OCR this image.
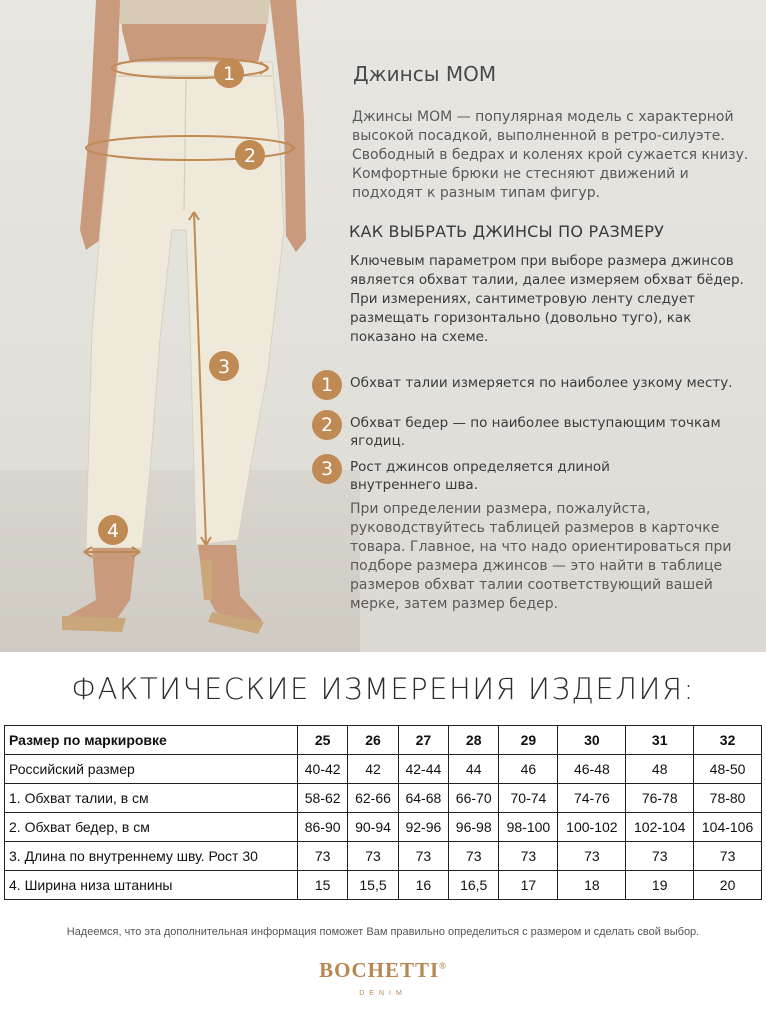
1
2
3
4
Джинсы MOM
Джинсы MOM — популярная модель с характерной высокой посадкой, выполненной в ретро-силуэте. Свободный в бедрах и коленях крой сужается книзу. Комфортные брюки не стесняют движений и подходят к разным типам фигур.
КАК ВЫБРАТЬ ДЖИНСЫ ПО РАЗМЕРУ
Ключевым параметром при выборе размера джинсов является обхват талии, далее измеряем обхват бёдер. При измерениях, сантиметровую ленту следует размещать горизонтально (довольно туго), как показано на схеме.
1	Обхват талии измеряется по наиболее узкому месту.
2	Обхват бедер — по наиболее выступающим точкам ягодиц.
3	Рост джинсов определяется длиной внутреннего шва.
При определении размера, пожалуйста, руководствуйтесь таблицей размеров в карточке товара. Главное, на что надо ориентироваться при подборе размера джинсов — это найти в таблице размеров обхват талии соответствующий вашей мерке, затем размер бедер.
ФАКТИЧЕСКИЕ ИЗМЕРЕНИЯ ИЗДЕЛИЯ:
Размер по маркировке	25	26	27	28	29	30	31	32
Российский размер	40-42	42	42-44	44	46	46-48	48	48-50
1. Обхват талии, в см	58-62	62-66	64-68	66-70	70-74	74-76	76-78	78-80
2. Обхват бедер, в см	86-90	90-94	92-96	96-98	98-100	100-102	102-104	104-106
3. Длина по внутреннему шву. Рост 30	73	73	73	73	73	73	73	73
4. Ширина низа штанины	15	15,5	16	16,5	17	18	19	20
Надеемся, что эта дополнительная информация поможет Вам правильно определиться с размером и сделать свой выбор.
BOCHETTI®
DENIM
